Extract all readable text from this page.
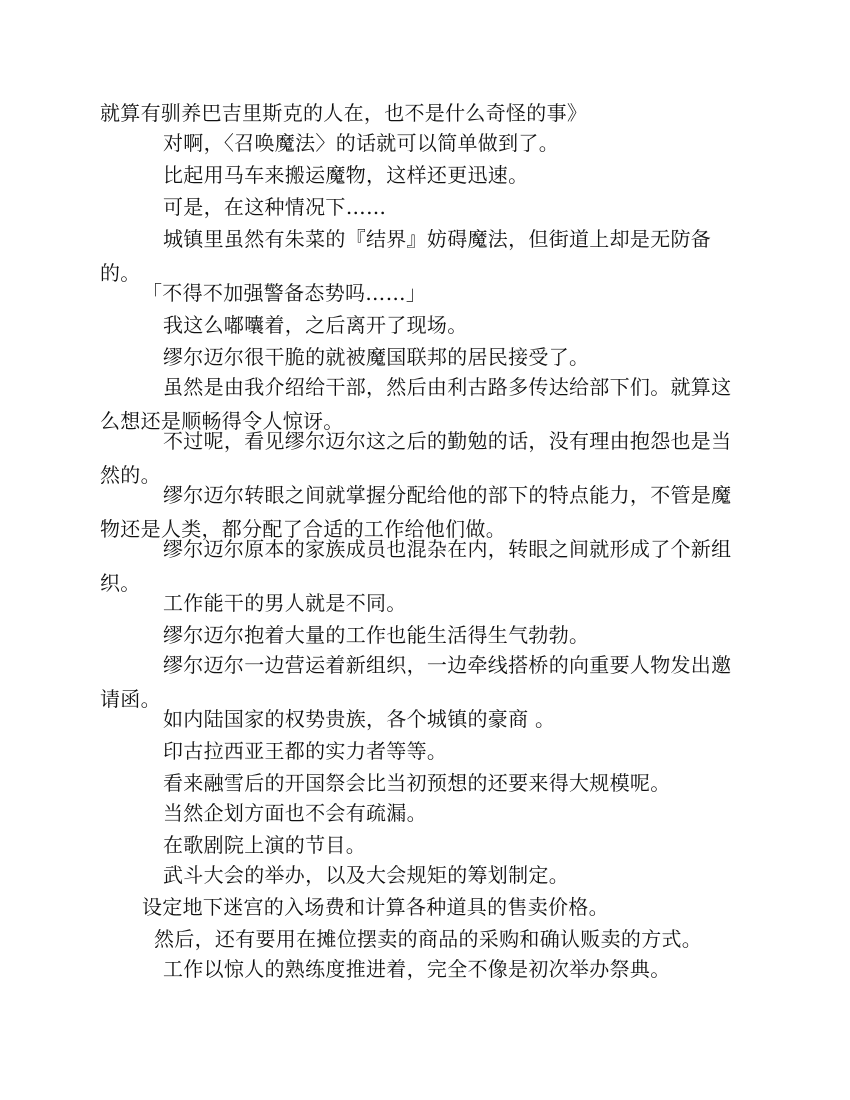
就算有驯养巴吉里斯克的人在，也不是什么奇怪的事》

对啊，〈召唤魔法〉的话就可以简单做到了。

比起用马车来搬运魔物，这样还更迅速。

可是，在这种情况下……

城镇里虽然有朱菜的『结界』妨碍魔法，但街道上却是无防备的。

「不得不加强警备态势吗……」

我这么嘟囔着，之后离开了现场。

缪尔迈尔很干脆的就被魔国联邦的居民接受了。

虽然是由我介绍给干部，然后由利古路多传达给部下们。就算这么想还是顺畅得令人惊讶。

不过呢，看见缪尔迈尔这之后的勤勉的话，没有理由抱怨也是当然的。

缪尔迈尔转眼之间就掌握分配给他的部下的特点能力，不管是魔物还是人类，都分配了合适的工作给他们做。

缪尔迈尔原本的家族成员也混杂在内，转眼之间就形成了个新组织。

工作能干的男人就是不同。

缪尔迈尔抱着大量的工作也能生活得生气勃勃。

缪尔迈尔一边营运着新组织，一边牵线搭桥的向重要人物发出邀请函。

如内陆国家的权势贵族，各个城镇的豪商 。

印古拉西亚王都的实力者等等。

看来融雪后的开国祭会比当初预想的还要来得大规模呢。

当然企划方面也不会有疏漏。

在歌剧院上演的节目。

武斗大会的举办，以及大会规矩的筹划制定。

设定地下迷宫的入场费和计算各种道具的售卖价格。

然后，还有要用在摊位摆卖的商品的采购和确认贩卖的方式。

工作以惊人的熟练度推进着，完全不像是初次举办祭典。
